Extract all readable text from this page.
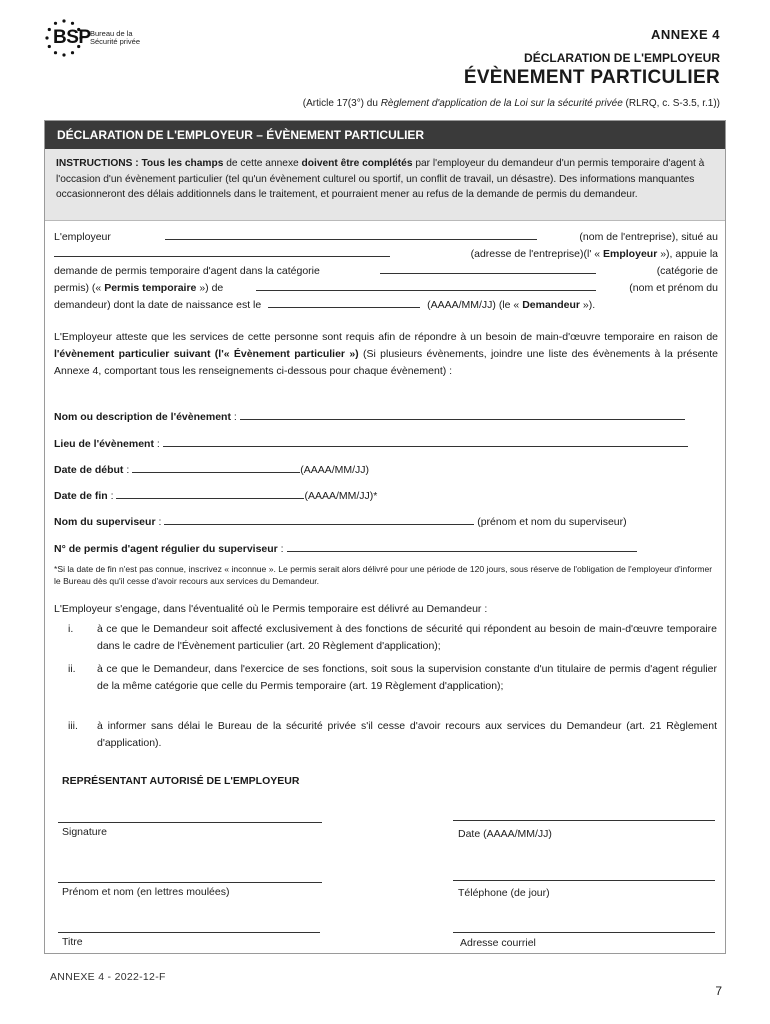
BSP Bureau de la
Sécurité privée	ANNEXE 4
DÉCLARATION DE L'EMPLOYEUR
ÉVÈNEMENT PARTICULIER
(Article 17(3°) du Règlement d'application de la Loi sur la sécurité privée (RLRQ, c. S-3.5, r.1))
DÉCLARATION DE L'EMPLOYEUR – ÉVÈNEMENT PARTICULIER
INSTRUCTIONS : Tous les champs de cette annexe doivent être complétés par l'employeur du demandeur d'un permis temporaire d'agent à l'occasion d'un évènement particulier (tel qu'un évènement culturel ou sportif, un conflit de travail, un désastre). Des informations manquantes occasionneront des délais additionnels dans le traitement, et pourraient mener au refus de la demande de permis du demandeur.
L'employeur	(nom de l'entreprise), situé au
(adresse de l'entreprise)(l' « Employeur »), appuie la
demande de permis temporaire d'agent dans la catégorie	(catégorie de
permis) (« Permis temporaire ») de	(nom et prénom du
demandeur) dont la date de naissance est le	(AAAA/MM/JJ) (le « Demandeur »).
L'Employeur atteste que les services de cette personne sont requis afin de répondre à un besoin de main-d'œuvre temporaire en raison de l'évènement particulier suivant (l'« Évènement particulier ») (Si plusieurs évènements, joindre une liste des évènements à la présente Annexe 4, comportant tous les renseignements ci-dessous pour chaque évènement) :
Nom ou description de l'évènement :
Lieu de l'évènement :
Date de début :	(AAAA/MM/JJ)
Date de fin :	(AAAA/MM/JJ)*
Nom du superviseur :	(prénom et nom du superviseur)
N° de permis d'agent régulier du superviseur :
*Si la date de fin n'est pas connue, inscrivez « inconnue ». Le permis serait alors délivré pour une période de 120 jours, sous réserve de l'obligation de l'employeur d'informer le Bureau dès qu'il cesse d'avoir recours aux services du Demandeur.
L'Employeur s'engage, dans l'éventualité où le Permis temporaire est délivré au Demandeur :
i. à ce que le Demandeur soit affecté exclusivement à des fonctions de sécurité qui répondent au besoin de main-d'œuvre temporaire dans le cadre de l'Évènement particulier (art. 20 Règlement d'application);
ii. à ce que le Demandeur, dans l'exercice de ses fonctions, soit sous la supervision constante d'un titulaire de permis d'agent régulier de la même catégorie que celle du Permis temporaire (art. 19 Règlement d'application);
iii. à informer sans délai le Bureau de la sécurité privée s'il cesse d'avoir recours aux services du Demandeur (art. 21 Règlement d'application).
REPRÉSENTANT AUTORISÉ DE L'EMPLOYEUR
Signature	Date (AAAA/MM/JJ)
Prénom et nom (en lettres moulées)	Téléphone (de jour)
Titre	Adresse courriel
ANNEXE 4 - 2022-12-F
7
